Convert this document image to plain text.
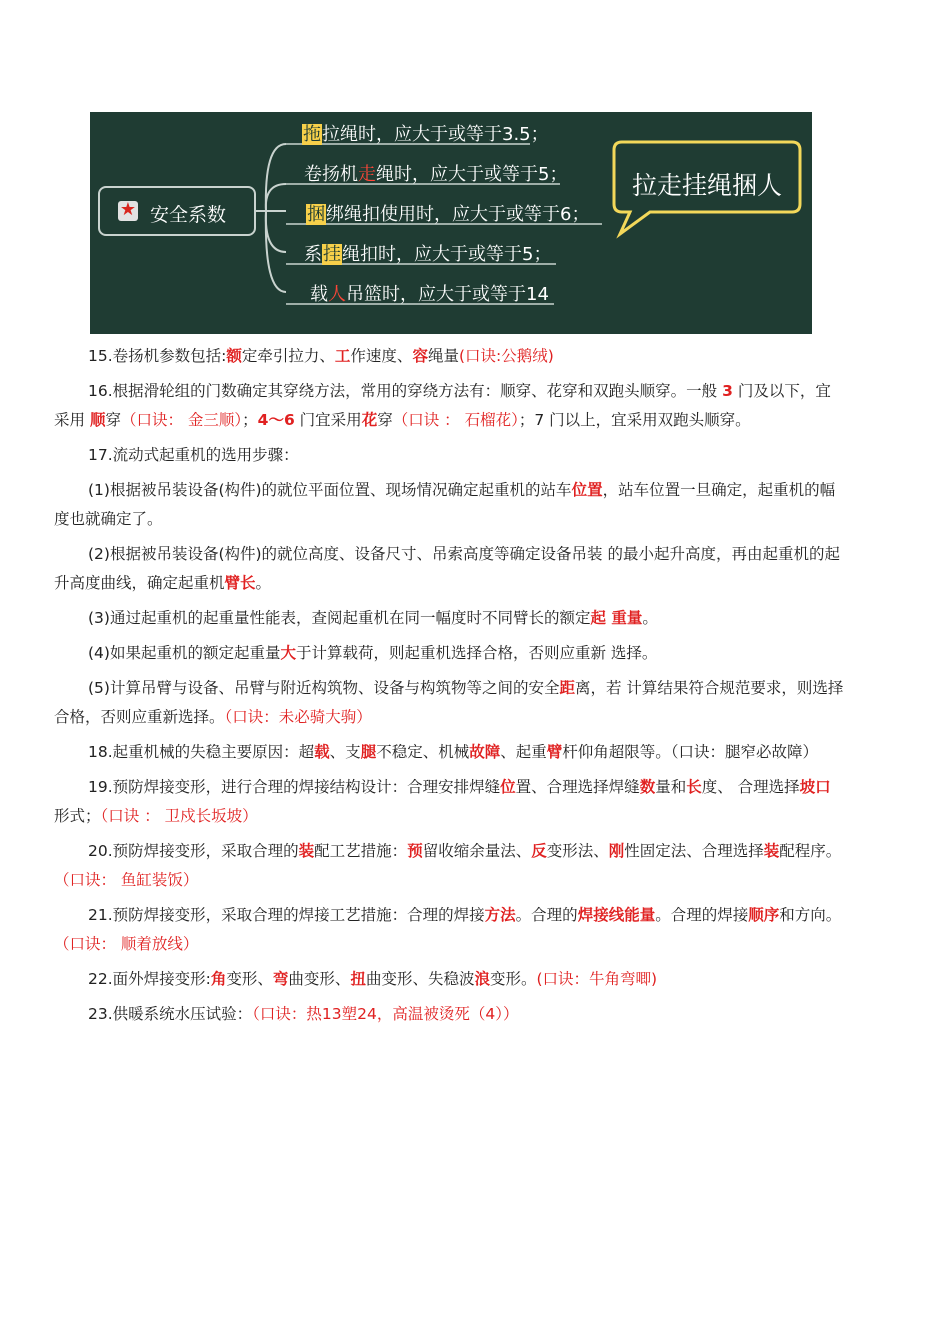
★ 安全系数
拖拉绳时，应大于或等于3.5；
卷扬机走绳时，应大于或等于5；
捆绑绳扣使用时，应大于或等于6；
系挂绳扣时，应大于或等于5；
载人吊篮时，应大于或等于14
拉走挂绳捆人

15.卷扬机参数包括:额定牵引拉力、工作速度、容绳量(口诀:公鹅绒)

16.根据滑轮组的门数确定其穿绕方法，常用的穿绕方法有：顺穿、花穿和双跑头顺穿。一般 3 门及以下，宜采用 顺穿（口诀： 金三顺）；4～6 门宜采用花穿（口诀 ： 石榴花）；7 门以上，宜采用双跑头顺穿。

17.流动式起重机的选用步骤：

(1)根据被吊装设备(构件)的就位平面位置、现场情况确定起重机的站车位置，站车位置一旦确定，起重机的幅度也就确定了。

(2)根据被吊装设备(构件)的就位高度、设备尺寸、吊索高度等确定设备吊装 的最小起升高度，再由起重机的起升高度曲线，确定起重机臂长。

(3)通过起重机的起重量性能表，查阅起重机在同一幅度时不同臂长的额定起 重量。

(4)如果起重机的额定起重量大于计算载荷，则起重机选择合格，否则应重新 选择。

(5)计算吊臂与设备、吊臂与附近构筑物、设备与构筑物等之间的安全距离，若 计算结果符合规范要求，则选择合格，否则应重新选择。（口诀：未必骑大驹）

18.起重机械的失稳主要原因：超载、支腿不稳定、机械故障、起重臂杆仰角超限等。（口诀：腿窄必故障）

19.预防焊接变形，进行合理的焊接结构设计：合理安排焊缝位置、合理选择焊缝数量和长度、 合理选择坡口形式；（口诀 ： 卫戍长坂坡）

20.预防焊接变形，采取合理的装配工艺措施：预留收缩余量法、反变形法、刚性固定法、合理选择装配程序。（口诀： 鱼缸装饭）

21.预防焊接变形，采取合理的焊接工艺措施：合理的焊接方法。合理的焊接线能量。合理的焊接顺序和方向。（口诀： 顺着放线）

22.面外焊接变形:角变形、弯曲变形、扭曲变形、失稳波浪变形。(口诀：牛角弯唧)

23.供暖系统水压试验：（口诀：热13塑24，高温被烫死（4））
